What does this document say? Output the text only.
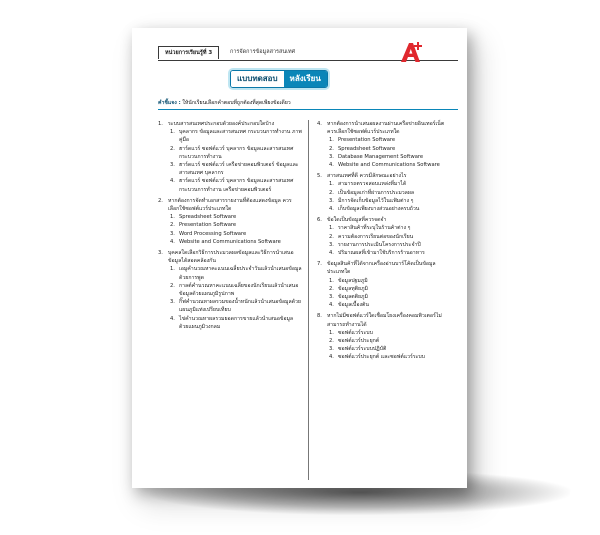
หน่วยการเรียนรู้ที่ 3	การจัดการข้อมูลสารสนเทศ
แบบทดสอบ	หลังเรียน
คำชี้แจง : ให้นักเรียนเลือกคำตอบที่ถูกต้องที่สุดเพียงข้อเดียว
1. ระบบสารสนเทศประกอบด้วยองค์ประกอบใดบ้าง
1. บุคลากร ข้อมูลและสารสนเทศ กระบวนการทำงาน ภาพ คู่มือ
2. ฮาร์ดแวร์ ซอฟต์แวร์ บุคลากร ข้อมูลและสารสนเทศ กระบวนการทำงาน
3. ฮาร์ดแวร์ ซอฟต์แวร์ เครือข่ายคอมพิวเตอร์ ข้อมูลและสารสนเทศ บุคลากร
4. ฮาร์ดแวร์ ซอฟต์แวร์ บุคลากร ข้อมูลและสารสนเทศ กระบวนการทำงาน เครือข่ายคอมพิวเตอร์
2. หากต้องการจัดทำเอกสารรายงานที่ต้องแสดงข้อมูล ควรเลือกใช้ซอฟต์แวร์ประเภทใด
1. Spreadsheet Software
2. Presentation Software
3. Word Processing Software
4. Website and Communications Software
3. บุคคลใดเลือกวิธีการประมวลผลข้อมูลและวิธีการนำเสนอข้อมูลได้สอดคล้องกัน
1. เอมูคำนวณหาคะแนนเฉลี่ยประจำวันแล้วนำเสนอข้อมูลด้วยการพูด
2. กาลต์คำนวณหาคะแนนเฉลี่ยของนักเรียนแล้วนำเสนอข้อมูลด้วยแผนภูมิรูปภาพ
3. กิ๊ฟคำนวณหาผลรวมของน้ำหนักแล้วนำเสนอข้อมูลด้วยแผนภูมิแท่งเปรียบเทียบ
4. ไข่คำนวณหาผลรวมยอดการขายแล้วนำเสนอข้อมูลด้วยแผนภูมิวงกลม
4. หากต้องการนำเสนอผลงานผ่านเครือข่ายอินเทอร์เน็ต ควรเลือกใช้ซอฟต์แวร์ประเภทใด
1. Presentation Software
2. Spreadsheet Software
3. Database Management Software
4. Website and Communications Software
5. สารสนเทศที่ดี ควรมีลักษณะอย่างไร
1. สามารถตรวจสอบแหล่งที่มาได้
2. เป็นข้อมูลเก่าที่ผ่านการประมวลผล
3. มีการจัดเก็บข้อมูลไว้ในแฟ้มต่าง ๆ
4. เก็บข้อมูลเพียงบางส่วนอย่างครบถ้วน
6. ข้อใดเป็นข้อมูลที่ควรจดจำ
1. ราคาสินค้าที่ระบุในร้านค้าต่าง ๆ
2. ความต้องการเรียนต่อของนักเรียน
3. รายงานการประเมินโครงการประจำปี
4. ปริมาณผลที่เข้ามาใช้บริการร้านอาหาร
7. ข้อมูลสินค้าที่ได้จากเครื่องอ่านบาร์โค้ดเป็นข้อมูลประเภทใด
1. ข้อมูลปฐมภูมิ
2. ข้อมูลทุติยภูมิ
3. ข้อมูลตติยภูมิ
4. ข้อมูลเบื้องต้น
8. หากไม่มีซอฟต์แวร์ใดเชื่อมโยงเครื่องคอมพิวเตอร์ไม่สามารถทำงานได้
1. ซอฟต์แวร์ระบบ
2. ซอฟต์แวร์ประยุกต์
3. ซอฟต์แวร์ระบบปฏิบัติ
4. ซอฟต์แวร์ประยุกต์ และซอฟต์แวร์ระบบ
